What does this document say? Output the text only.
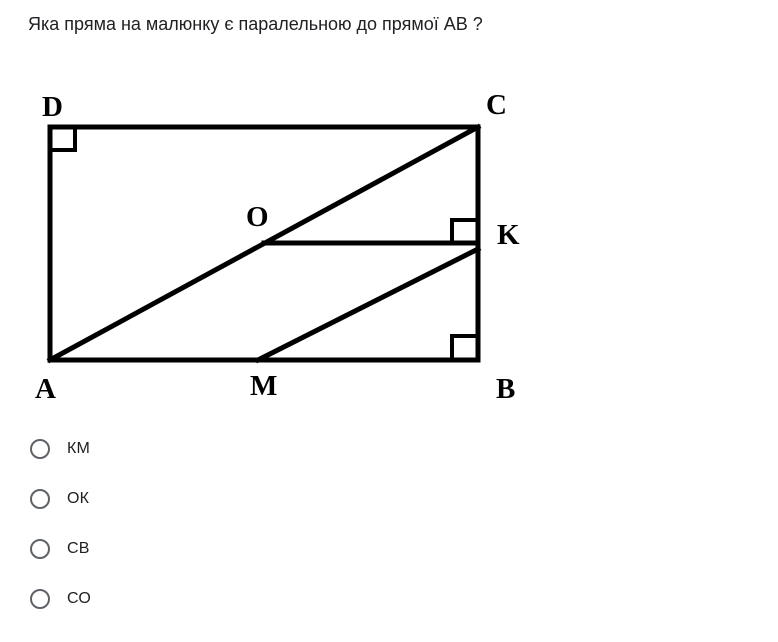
Яка пряма на малюнку є паралельною до прямої АВ ?
D	C
O
K
A	M	B
КМ
ОК
СВ
СО
